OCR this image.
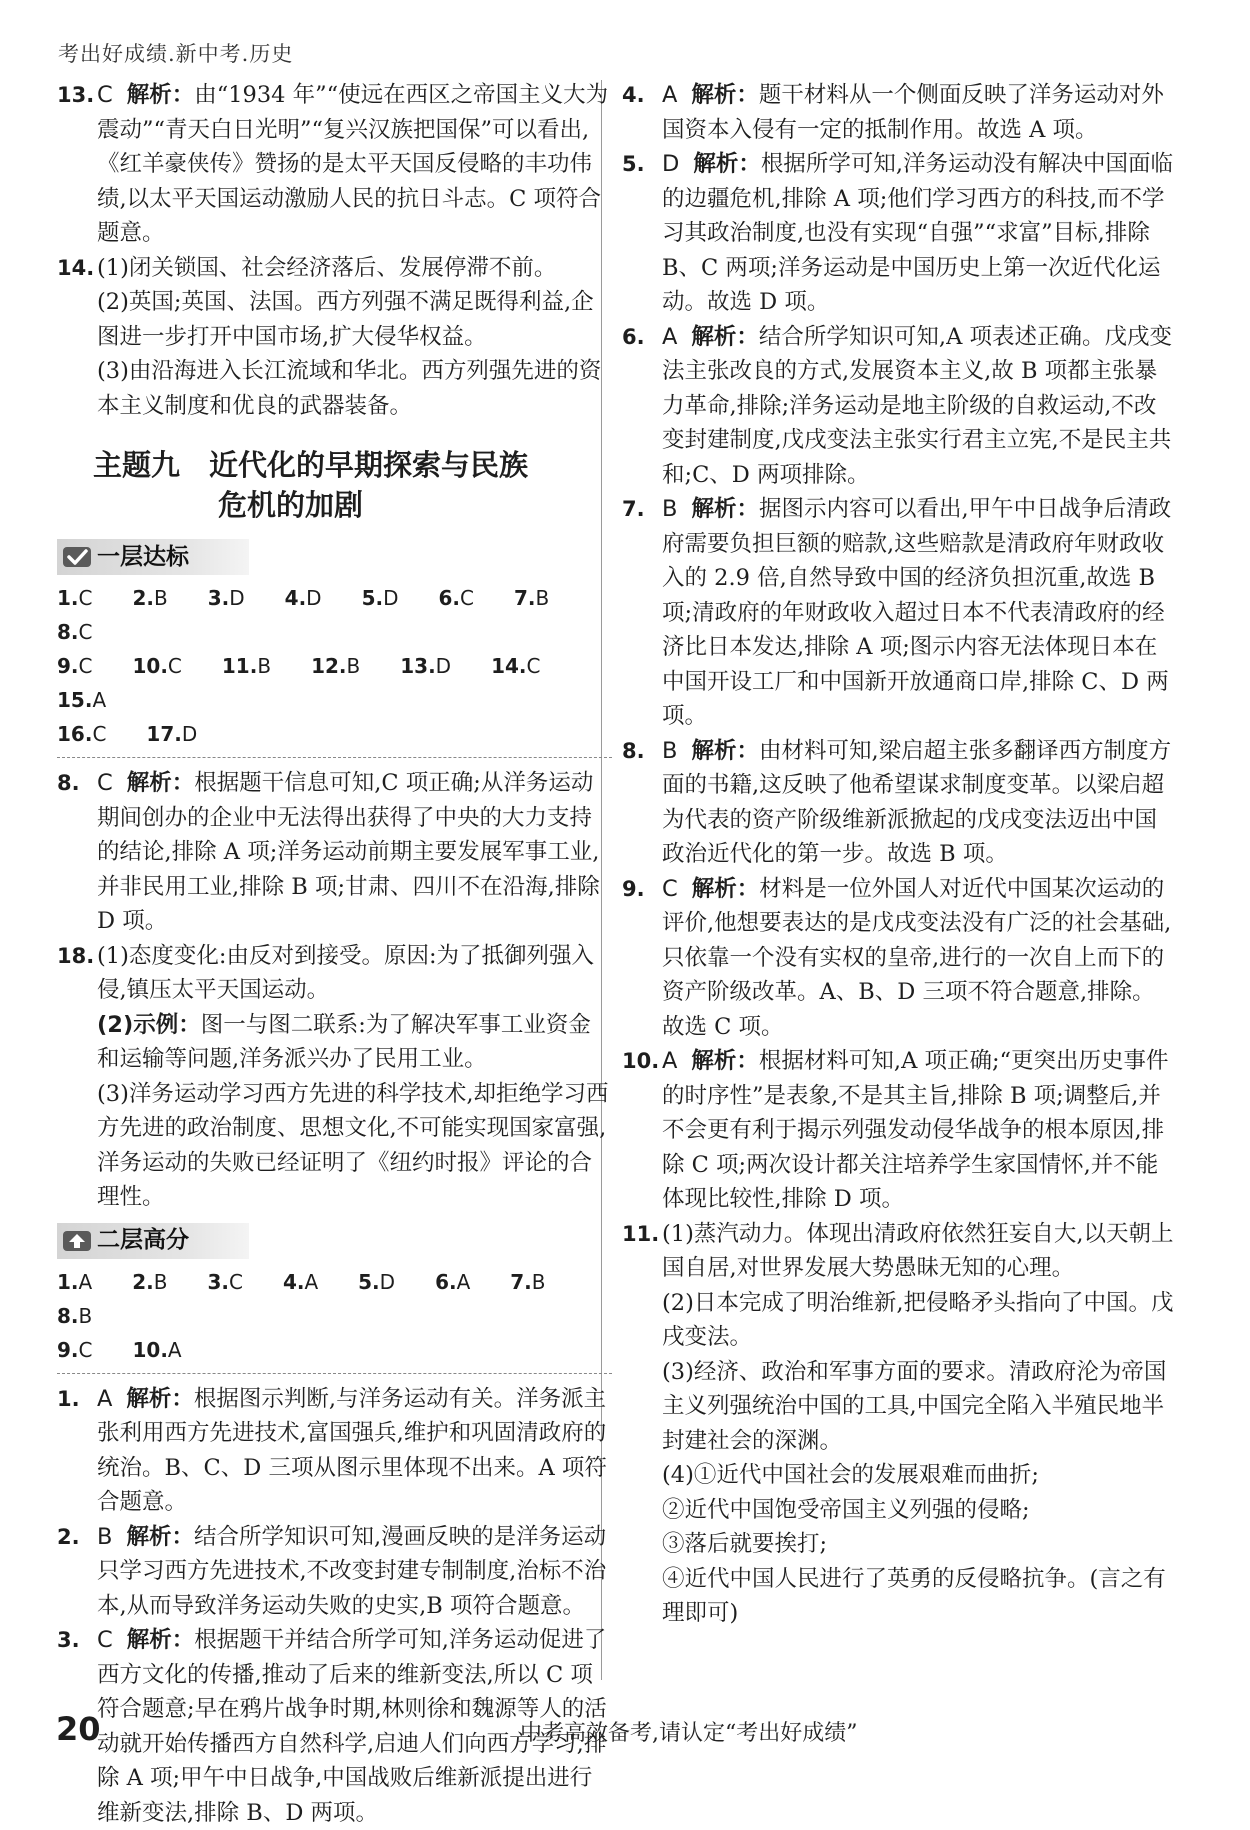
考出好成绩.新中考.历史
13. C 解析：由“1934 年”“使远在西区之帝国主义大为震动”“青天白日光明”“复兴汉族把国保”可以看出,《红羊豪侠传》赞扬的是太平天国反侵略的丰功伟绩,以太平天国运动激励人民的抗日斗志。C 项符合题意。
14. (1)闭关锁国、社会经济落后、发展停滞不前。
(2)英国;英国、法国。西方列强不满足既得利益,企图进一步打开中国市场,扩大侵华权益。
(3)由沿海进入长江流域和华北。西方列强先进的资本主义制度和优良的武器装备。
主题九　近代化的早期探索与民族
危机的加剧
一层达标
1.C 2.B 3.D 4.D 5.D 6.C 7.B8.C
9.C 10.C 11.B 12.B 13.D 14.C15.A
16.C 17.D
8. C 解析：根据题干信息可知,C 项正确;从洋务运动期间创办的企业中无法得出获得了中央的大力支持的结论,排除 A 项;洋务运动前期主要发展军事工业,并非民用工业,排除 B 项;甘肃、四川不在沿海,排除 D 项。
18. (1)态度变化:由反对到接受。原因:为了抵御列强入侵,镇压太平天国运动。
(2)示例：图一与图二联系:为了解决军事工业资金和运输等问题,洋务派兴办了民用工业。
(3)洋务运动学习西方先进的科学技术,却拒绝学习西方先进的政治制度、思想文化,不可能实现国家富强,洋务运动的失败已经证明了《纽约时报》评论的合理性。
二层高分
1.A 2.B 3.C 4.A 5.D 6.A 7.B8.B
9.C 10.A
1. A 解析：根据图示判断,与洋务运动有关。洋务派主张利用西方先进技术,富国强兵,维护和巩固清政府的统治。B、C、D 三项从图示里体现不出来。A 项符合题意。
2. B 解析：结合所学知识可知,漫画反映的是洋务运动只学习西方先进技术,不改变封建专制制度,治标不治本,从而导致洋务运动失败的史实,B 项符合题意。
3. C 解析：根据题干并结合所学可知,洋务运动促进了西方文化的传播,推动了后来的维新变法,所以 C 项符合题意;早在鸦片战争时期,林则徐和魏源等人的活动就开始传播西方自然科学,启迪人们向西方学习,排除 A 项;甲午中日战争,中国战败后维新派提出进行维新变法,排除 B、D 两项。
4. A 解析：题干材料从一个侧面反映了洋务运动对外国资本入侵有一定的抵制作用。故选 A 项。
5. D 解析：根据所学可知,洋务运动没有解决中国面临的边疆危机,排除 A 项;他们学习西方的科技,而不学习其政治制度,也没有实现“自强”“求富”目标,排除 B、C 两项;洋务运动是中国历史上第一次近代化运动。故选 D 项。
6. A 解析：结合所学知识可知,A 项表述正确。戊戌变法主张改良的方式,发展资本主义,故 B 项都主张暴力革命,排除;洋务运动是地主阶级的自救运动,不改变封建制度,戊戌变法主张实行君主立宪,不是民主共和;C、D 两项排除。
7. B 解析：据图示内容可以看出,甲午中日战争后清政府需要负担巨额的赔款,这些赔款是清政府年财政收入的 2.9 倍,自然导致中国的经济负担沉重,故选 B 项;清政府的年财政收入超过日本不代表清政府的经济比日本发达,排除 A 项;图示内容无法体现日本在中国开设工厂和中国新开放通商口岸,排除 C、D 两项。
8. B 解析：由材料可知,梁启超主张多翻译西方制度方面的书籍,这反映了他希望谋求制度变革。以梁启超为代表的资产阶级维新派掀起的戊戌变法迈出中国政治近代化的第一步。故选 B 项。
9. C 解析：材料是一位外国人对近代中国某次运动的评价,他想要表达的是戊戌变法没有广泛的社会基础,只依靠一个没有实权的皇帝,进行的一次自上而下的资产阶级改革。A、B、D 三项不符合题意,排除。故选 C 项。
10. A 解析：根据材料可知,A 项正确;“更突出历史事件的时序性”是表象,不是其主旨,排除 B 项;调整后,并不会更有利于揭示列强发动侵华战争的根本原因,排除 C 项;两次设计都关注培养学生家国情怀,并不能体现比较性,排除 D 项。
11. (1)蒸汽动力。体现出清政府依然狂妄自大,以天朝上国自居,对世界发展大势愚昧无知的心理。
(2)日本完成了明治维新,把侵略矛头指向了中国。戊戌变法。
(3)经济、政治和军事方面的要求。清政府沦为帝国主义列强统治中国的工具,中国完全陷入半殖民地半封建社会的深渊。
(4)①近代中国社会的发展艰难而曲折;
②近代中国饱受帝国主义列强的侵略;
③落后就要挨打;
④近代中国人民进行了英勇的反侵略抗争。(言之有理即可)
20	中考高效备考,请认定“考出好成绩”
